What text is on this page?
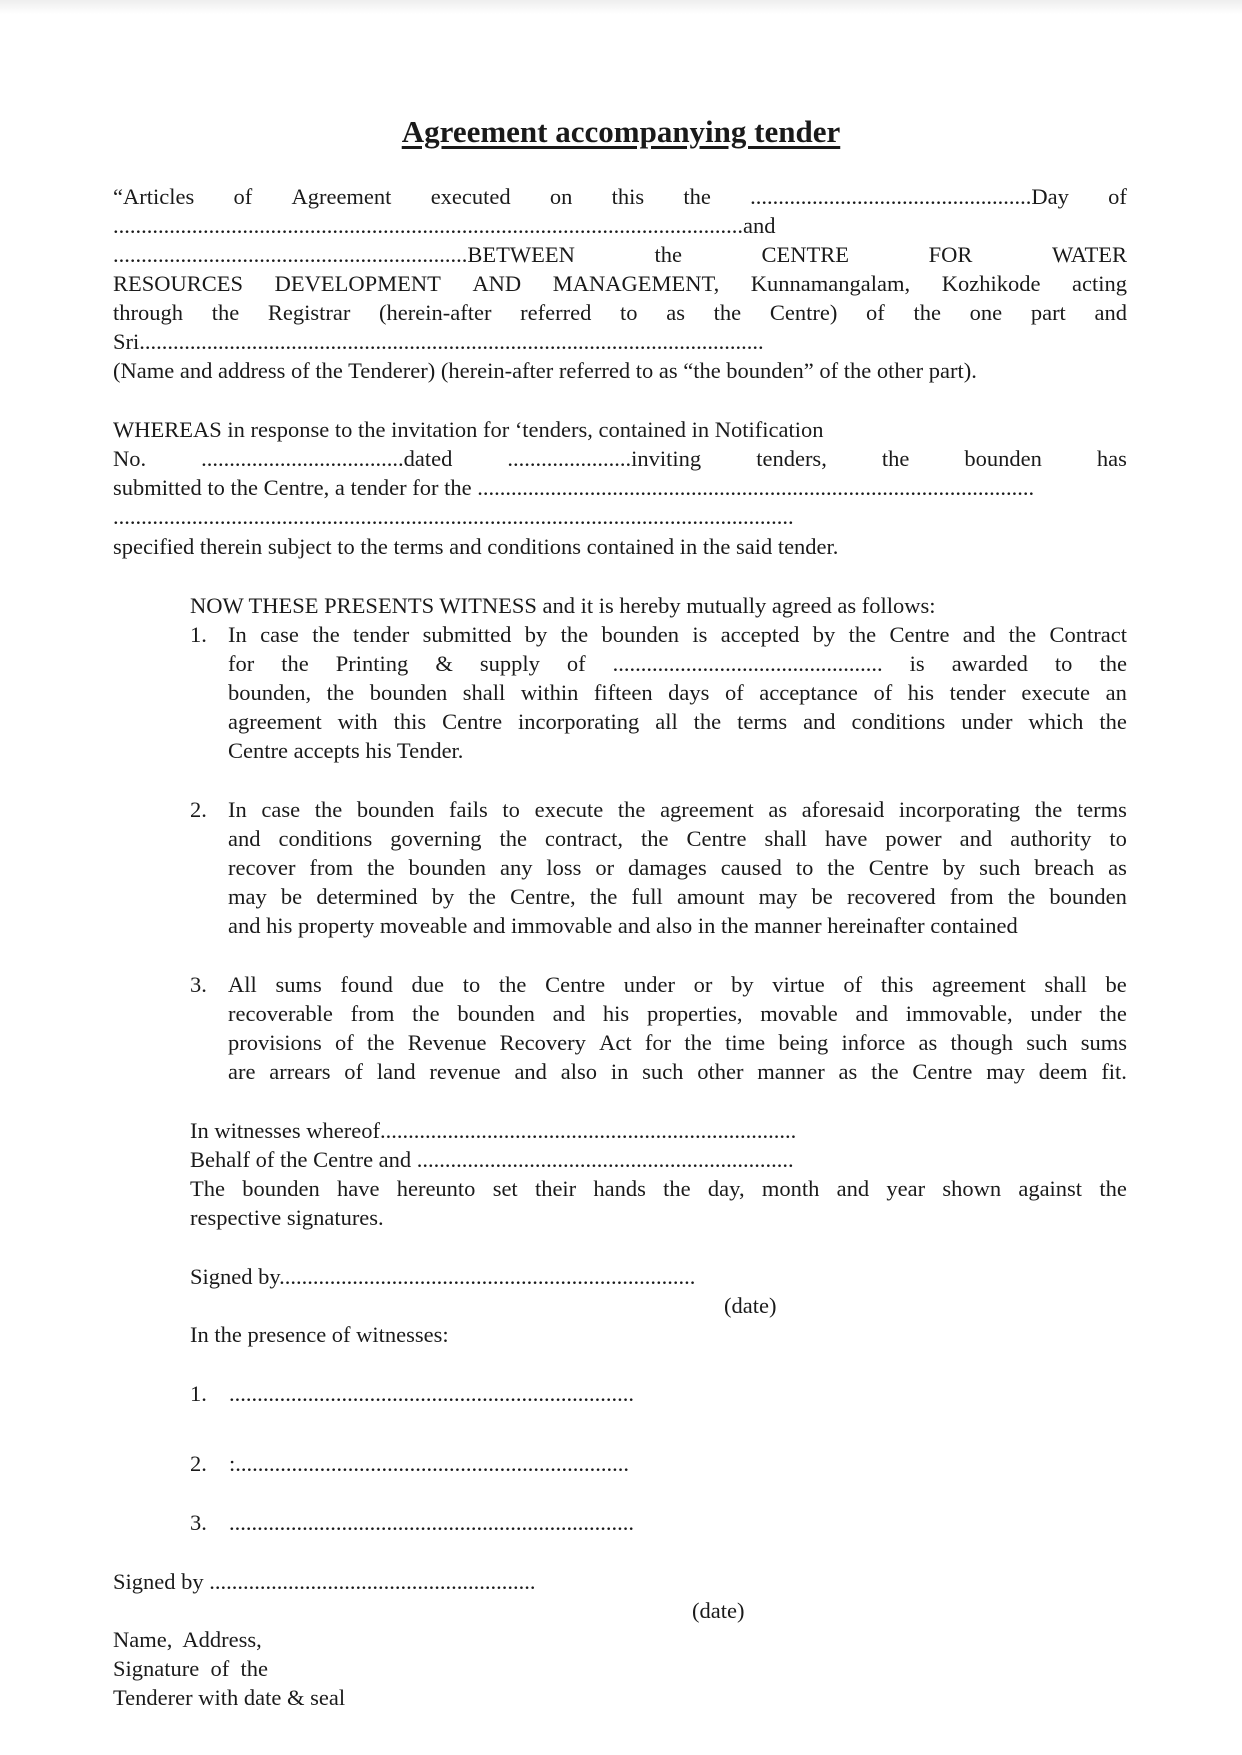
Agreement accompanying tender
“Articles of Agreement executed on this the ..................................................Day of
................................................................................................................and
...............................................................BETWEEN	the	CENTRE	FOR	WATER
RESOURCES DEVELOPMENT AND MANAGEMENT, Kunnamangalam, Kozhikode acting
through the Registrar (herein-after referred to as the Centre) of the one part and
Sri...............................................................................................................
(Name and address of the Tenderer) (herein-after referred to as “the bounden” of the other part).
WHEREAS in response to the invitation for ‘tenders, contained in Notification
No. ....................................dated ......................inviting tenders, the bounden has
submitted to the Centre, a tender for the ...................................................................................................
.........................................................................................................................
specified therein subject to the terms and conditions contained in the said tender.
NOW THESE PRESENTS WITNESS and it is hereby mutually agreed as follows:
1. In case the tender submitted by the bounden is accepted by the Centre and the Contract
for the Printing & supply of ................................................ is awarded to the
bounden, the bounden shall within fifteen days of acceptance of his tender execute an
agreement with this Centre incorporating all the terms and conditions under which the
Centre accepts his Tender.
2. In case the bounden fails to execute the agreement as aforesaid incorporating the terms
and conditions governing the contract, the Centre shall have power and authority to
recover from the bounden any loss or damages caused to the Centre by such breach as
may be determined by the Centre, the full amount may be recovered from the bounden
and his property moveable and immovable and also in the manner hereinafter contained
3. All sums found due to the Centre under or by virtue of this agreement shall be
recoverable from the bounden and his properties, movable and immovable, under the
provisions of the Revenue Recovery Act for the time being inforce as though such sums
are arrears of land revenue and also in such other manner as the Centre may deem fit.
In witnesses whereof..........................................................................
Behalf of the Centre and ...................................................................
The bounden have hereunto set their hands the day, month and year shown against the
respective signatures.
Signed by..........................................................................
(date)
In the presence of witnesses:
1. ........................................................................
2. :......................................................................
3. ........................................................................
Signed by ..........................................................
(date)
Name,  Address,
Signature  of  the
Tenderer with date & seal
